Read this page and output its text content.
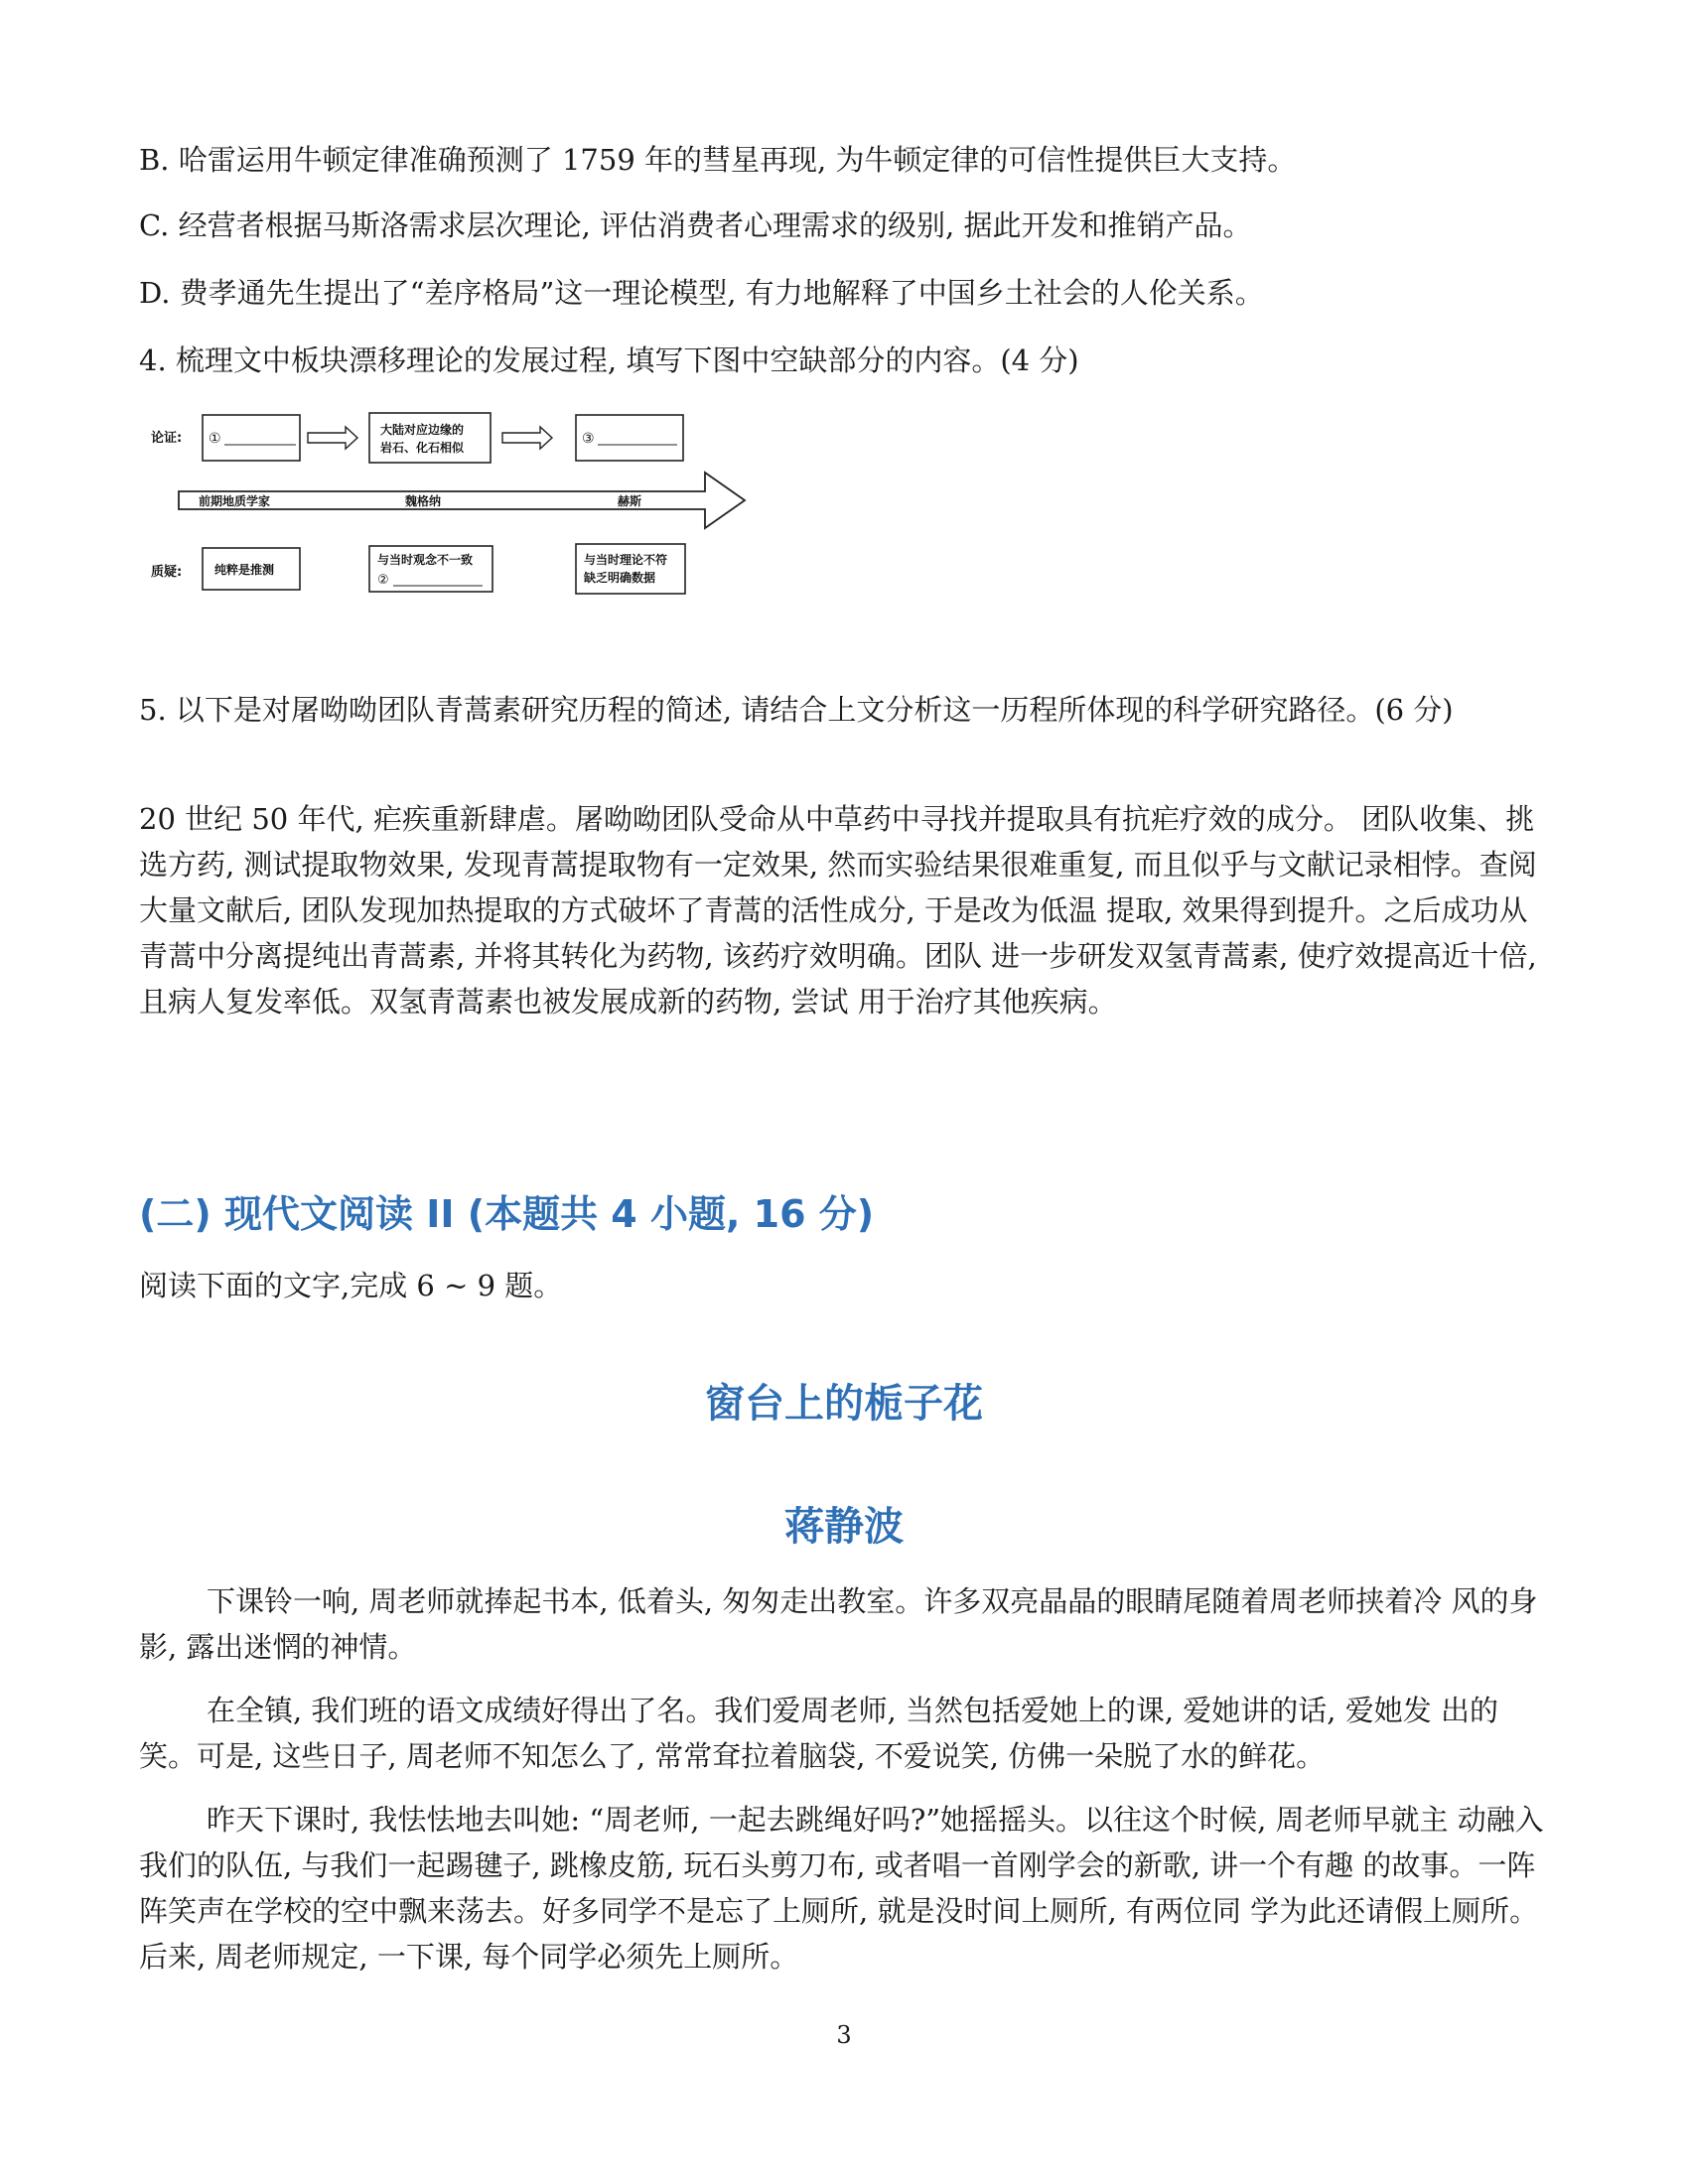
B. 哈雷运用牛顿定律准确预测了 1759 年的彗星再现, 为牛顿定律的可信性提供巨大支持。

C. 经营者根据马斯洛需求层次理论, 评估消费者心理需求的级别, 据此开发和推销产品。

D. 费孝通先生提出了“差序格局”这一理论模型, 有力地解释了中国乡土社会的人伦关系。

4. 梳理文中板块漂移理论的发展过程, 填写下图中空缺部分的内容。(4 分)

论证: ①
大陆对应边缘的
岩石、化石相似
③
前期地质学家	魏格纳	赫斯
质疑:	纯粹是推测
与当时观念不一致
②
与当时理论不符
缺乏明确数据

5. 以下是对屠呦呦团队青蒿素研究历程的简述, 请结合上文分析这一历程所体现的科学研究路径。(6 分)

20 世纪 50 年代, 疟疾重新肆虐。屠呦呦团队受命从中草药中寻找并提取具有抗疟疗效的成分。 团队收集、挑选方药, 测试提取物效果, 发现青蒿提取物有一定效果, 然而实验结果很难重复, 而且似乎与文献记录相悖。查阅大量文献后, 团队发现加热提取的方式破坏了青蒿的活性成分, 于是改为低温 提取, 效果得到提升。之后成功从青蒿中分离提纯出青蒿素, 并将其转化为药物, 该药疗效明确。团队 进一步研发双氢青蒿素, 使疗效提高近十倍, 且病人复发率低。双氢青蒿素也被发展成新的药物, 尝试 用于治疗其他疾病。

(二) 现代文阅读 II (本题共 4 小题, 16 分)

阅读下面的文字,完成 6 ~ 9 题。

窗台上的栀子花
蒋静波

下课铃一响, 周老师就捧起书本, 低着头, 匆匆走出教室。许多双亮晶晶的眼睛尾随着周老师挟着冷 风的身影, 露出迷惘的神情。

在全镇, 我们班的语文成绩好得出了名。我们爱周老师, 当然包括爱她上的课, 爱她讲的话, 爱她发 出的笑。可是, 这些日子, 周老师不知怎么了, 常常耷拉着脑袋, 不爱说笑, 仿佛一朵脱了水的鲜花。

昨天下课时, 我怯怯地去叫她: “周老师, 一起去跳绳好吗?”她摇摇头。以往这个时候, 周老师早就主 动融入我们的队伍, 与我们一起踢毽子, 跳橡皮筋, 玩石头剪刀布, 或者唱一首刚学会的新歌, 讲一个有趣 的故事。一阵阵笑声在学校的空中飘来荡去。好多同学不是忘了上厕所, 就是没时间上厕所, 有两位同 学为此还请假上厕所。后来, 周老师规定, 一下课, 每个同学必须先上厕所。

3
